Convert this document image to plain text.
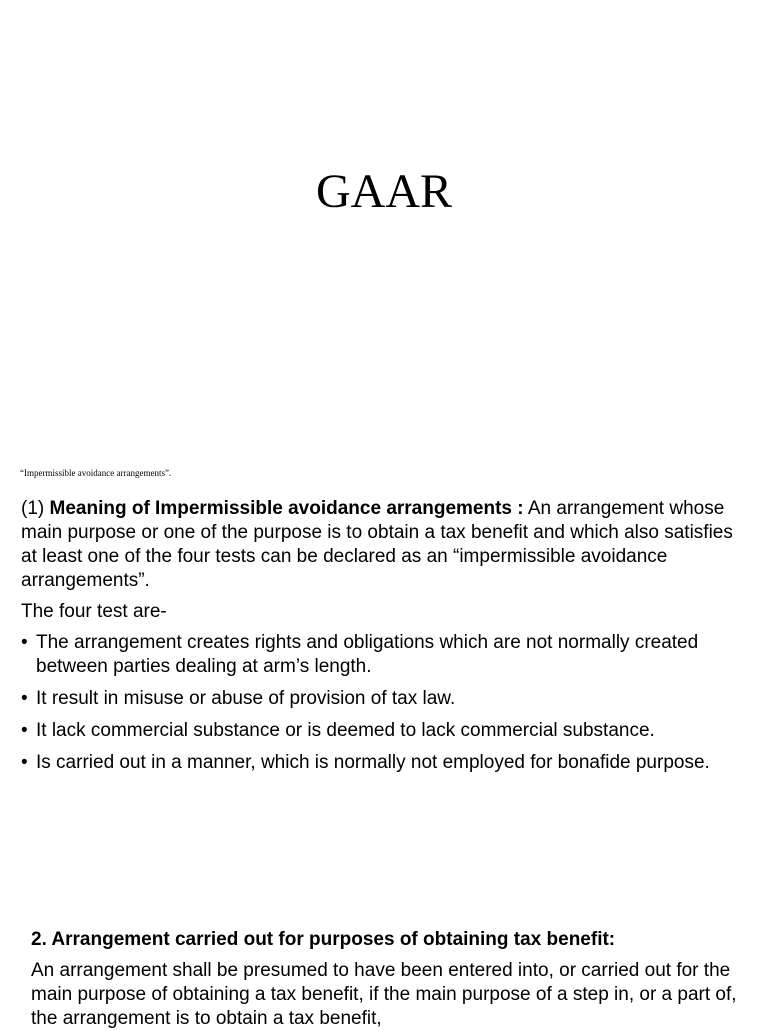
GAAR
“Impermissible avoidance arrangements”.

(1) Meaning of Impermissible avoidance arrangements : An arrangement whose main purpose or one of the purpose is to obtain a tax benefit and which also satisfies at least one of the four tests can be declared as an “impermissible avoidance arrangements”.

The four test are-

• The arrangement creates rights and obligations which are not normally created between parties dealing at arm’s length.
• It result in misuse or abuse of provision of tax law.
• It lack commercial substance or is deemed to lack commercial substance.
• Is carried out in a manner, which is normally not employed for bonafide purpose.

2. Arrangement carried out for purposes of obtaining tax benefit:

An arrangement shall be presumed to have been entered into, or carried out for the main purpose of obtaining a tax benefit, if the main purpose of a step in, or a part of, the arrangement is to obtain a tax benefit,
